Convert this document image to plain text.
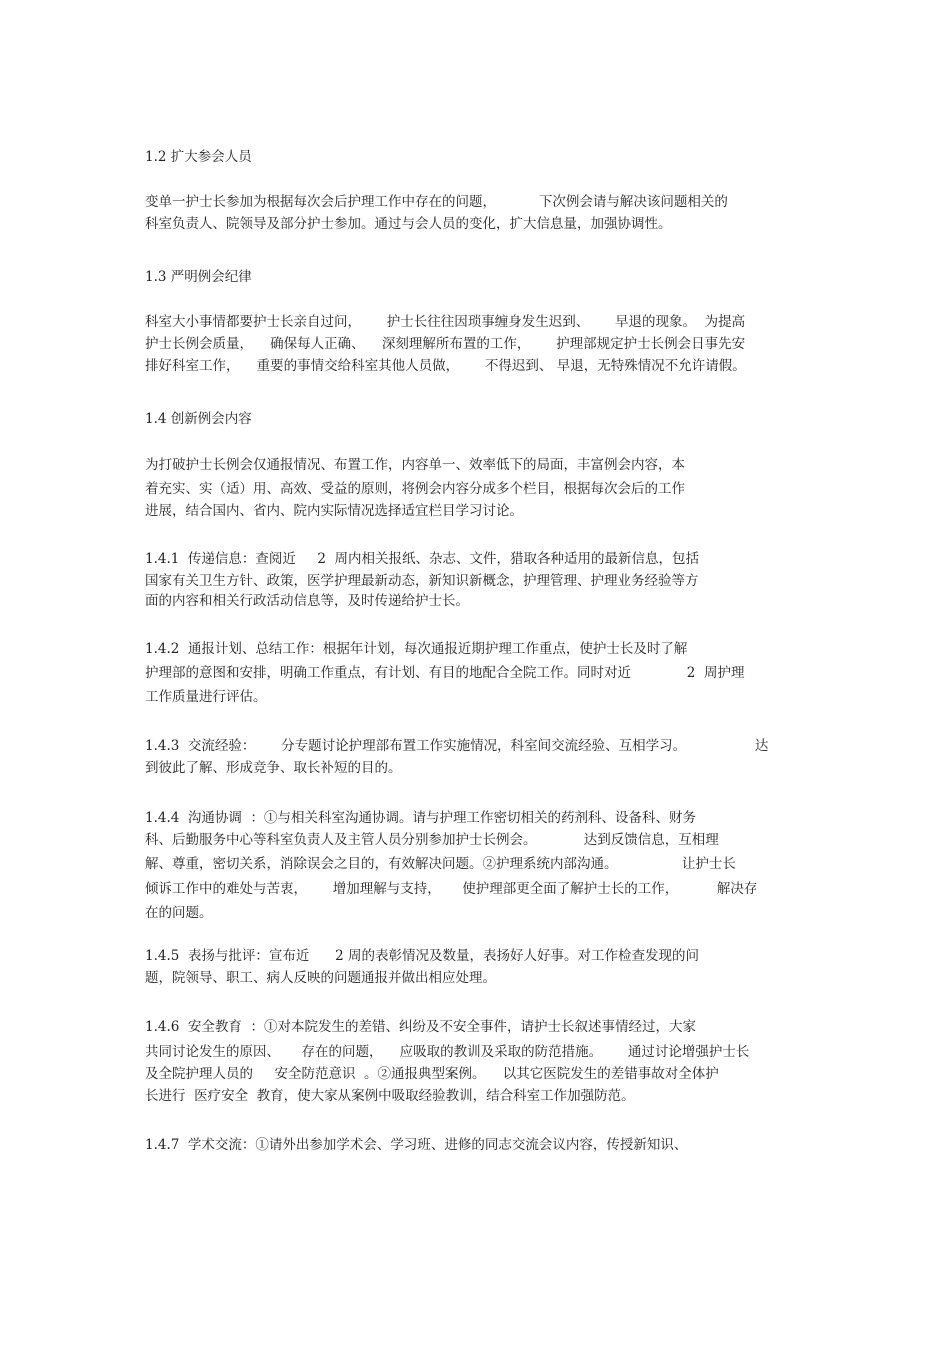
1.2 扩大参会人员
变单一护士长参加为根据每次会后护理工作中存在的问题，          下次例会请与解决该问题相关的
科室负责人、院领导及部分护士参加。通过与会人员的变化，扩大信息量，加强协调性。
1.3 严明例会纪律
科室大小事情都要护士长亲自过问，      护士长往往因琐事缠身发生迟到、      早退的现象。  为提高
护士长例会质量，    确保每人正确、    深刻理解所布置的工作，      护理部规定护士长例会日事先安
排好科室工作，    重要的事情交给科室其他人员做，      不得迟到、 早退，无特殊情况不允许请假。
1.4 创新例会内容
为打破护士长例会仅通报情况、布置工作，内容单一、效率低下的局面，丰富例会内容，本
着充实、实（适）用、高效、受益的原则，将例会内容分成多个栏目，根据每次会后的工作
进展，结合国内、省内、院内实际情况选择适宜栏目学习讨论。
1.4.1  传递信息：查阅近     2  周内相关报纸、杂志、文件，猎取各种适用的最新信息，包括
国家有关卫生方针、政策，医学护理最新动态，新知识新概念，护理管理、护理业务经验等方
面的内容和相关行政活动信息等，及时传递给护士长。
1.4.2  通报计划、总结工作：根据年计划，每次通报近期护理工作重点，使护士长及时了解
护理部的意图和安排，明确工作重点，有计划、有目的地配合全院工作。同时对近             2  周护理
工作质量进行评估。
1.4.3  交流经验：      分专题讨论护理部布置工作实施情况，科室间交流经验、互相学习。                达
到彼此了解、形成竞争、取长补短的目的。
1.4.4  沟通协调  ：①与相关科室沟通协调。请与护理工作密切相关的药剂科、设备科、财务
科、后勤服务中心等科室负责人及主管人员分别参加护士长例会。           达到反馈信息，互相理
解、尊重，密切关系，消除误会之目的，有效解决问题。②护理系统内部沟通。               让护士长
倾诉工作中的难处与苦衷，      增加理解与支持，     使护理部更全面了解护士长的工作，         解决存
在的问题。
1.4.5  表扬与批评：宣布近      2 周的表彰情况及数量，表扬好人好事。对工作检查发现的问
题，院领导、职工、病人反映的问题通报并做出相应处理。
1.4.6  安全教育  ：①对本院发生的差错、纠纷及不安全事件，请护士长叙述事情经过，大家
共同讨论发生的原因、     存在的问题，    应吸取的教训及采取的防范措施。      通过讨论增强护士长
及全院护理人员的     安全防范意识  。②通报典型案例。    以其它医院发生的差错事故对全体护
长进行  医疗安全  教育，使大家从案例中吸取经验教训，结合科室工作加强防范。
1.4.7  学术交流：①请外出参加学术会、学习班、进修的同志交流会议内容，传授新知识、
